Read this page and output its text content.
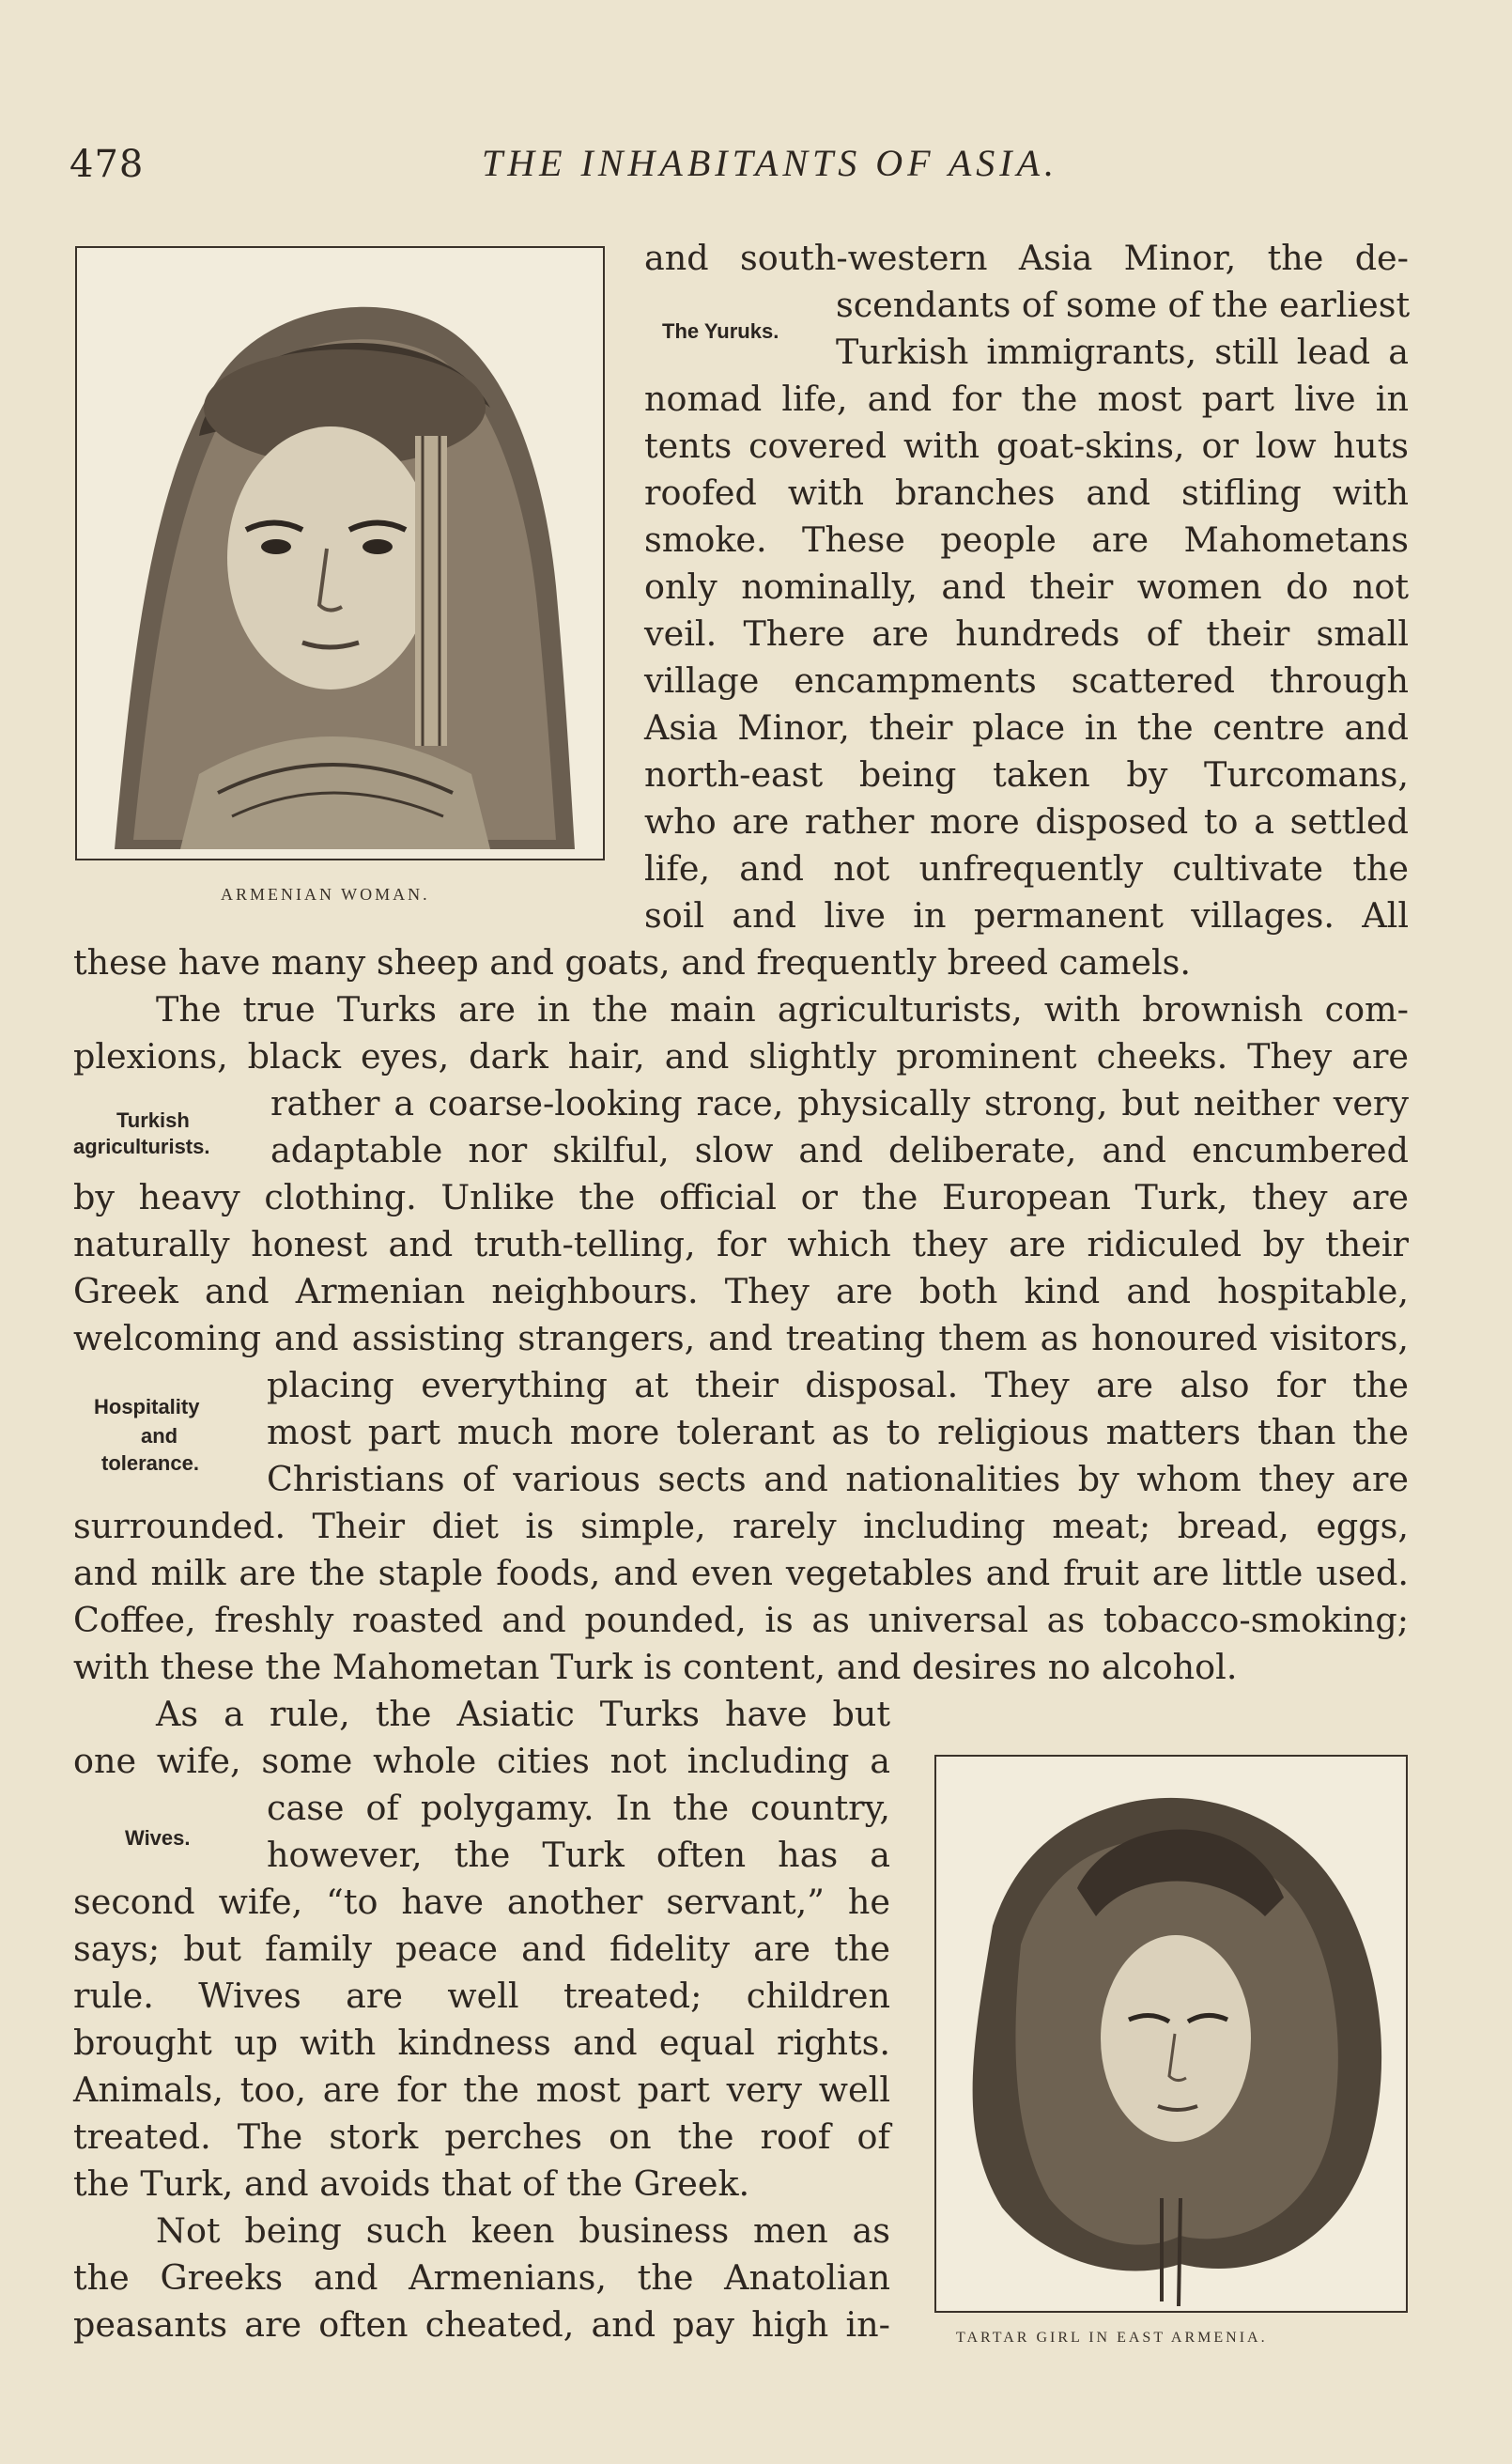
478	THE INHABITANTS OF ASIA.
ARMENIAN WOMAN.
TARTAR GIRL IN EAST ARMENIA.
The Yuruks.
Turkish
agriculturists.
Hospitality
and
tolerance.
Wives.
and south-western Asia Minor, the de-
scendants of some of the earliest
Turkish immigrants, still lead a
nomad life, and for the most part live in
tents covered with goat-skins, or low huts
roofed with branches and stifling with
smoke. These people are Mahometans
only nominally, and their women do not
veil. There are hundreds of their small
village encampments scattered through
Asia Minor, their place in the centre and
north-east being taken by Turcomans,
who are rather more disposed to a settled
life, and not unfrequently cultivate the
soil and live in permanent villages. All
these have many sheep and goats, and frequently breed camels.
The true Turks are in the main agriculturists, with brownish com-
plexions, black eyes, dark hair, and slightly prominent cheeks. They are
rather a coarse-looking race, physically strong, but neither very
adaptable nor skilful, slow and deliberate, and encumbered
by heavy clothing. Unlike the official or the European Turk, they are
naturally honest and truth-telling, for which they are ridiculed by their
Greek and Armenian neighbours. They are both kind and hospitable,
welcoming and assisting strangers, and treating them as honoured visitors,
placing everything at their disposal. They are also for the
most part much more tolerant as to religious matters than the
Christians of various sects and nationalities by whom they are
surrounded. Their diet is simple, rarely including meat; bread, eggs,
and milk are the staple foods, and even vegetables and fruit are little used.
Coffee, freshly roasted and pounded, is as universal as tobacco-smoking;
with these the Mahometan Turk is content, and desires no alcohol.
As a rule, the Asiatic Turks have but
one wife, some whole cities not including a
case of polygamy. In the country,
however, the Turk often has a
second wife, “to have another servant,” he
says; but family peace and fidelity are the
rule. Wives are well treated; children
brought up with kindness and equal rights.
Animals, too, are for the most part very well
treated. The stork perches on the roof of
the Turk, and avoids that of the Greek.
Not being such keen business men as
the Greeks and Armenians, the Anatolian
peasants are often cheated, and pay high in-
